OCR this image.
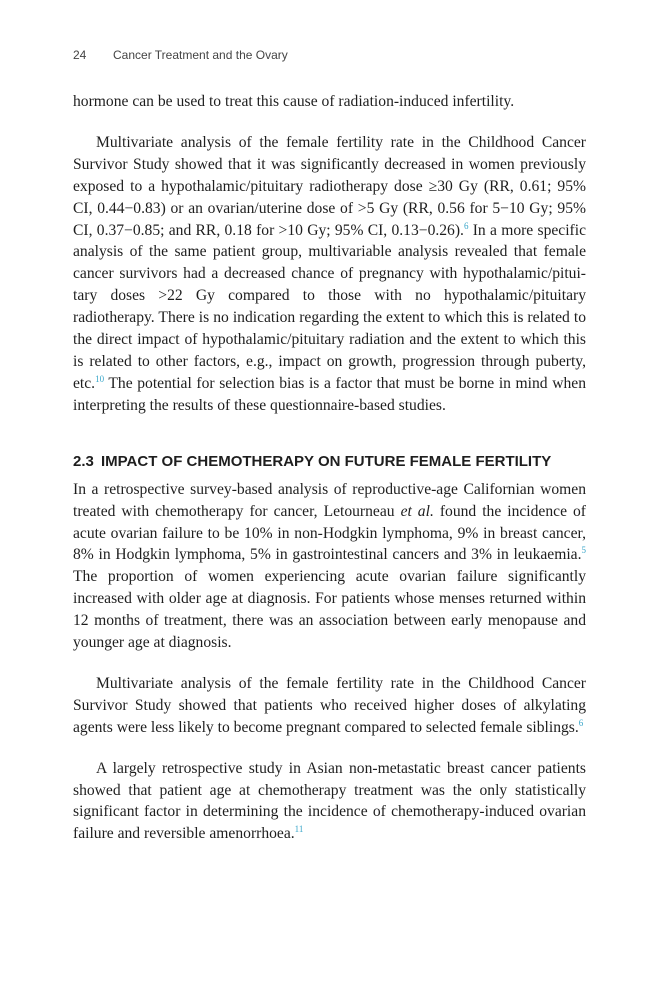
24 Cancer Treatment and the Ovary

hormone can be used to treat this cause of radiation-induced infertility.

Multivariate analysis of the female fertility rate in the Childhood Cancer Survivor Study showed that it was significantly decreased in women previously exposed to a hypothalamic/pituitary radiotherapy dose ≥30 Gy (RR, 0.61; 95% CI, 0.44−0.83) or an ovarian/uterine dose of >5 Gy (RR, 0.56 for 5−10 Gy; 95% CI, 0.37−0.85; and RR, 0.18 for >10 Gy; 95% CI, 0.13−0.26).$^6$ In a more specific analysis of the same patient group, multivariable analysis revealed that female cancer survivors had a decreased chance of pregnancy with hypothalamic/pituitary doses >22 Gy compared to those with no hypothalamic/pituitary radiotherapy. There is no indication regarding the extent to which this is related to the direct impact of hypothalamic/pituitary radiation and the extent to which this is related to other factors, e.g., impact on growth, progression through puberty, etc.$^{10}$ The potential for selection bias is a factor that must be borne in mind when interpreting the results of these questionnaire-based studies.

2.3 IMPACT OF CHEMOTHERAPY ON FUTURE FEMALE FERTILITY

In a retrospective survey-based analysis of reproductive-age Californian women treated with chemotherapy for cancer, Letourneau et al. found the incidence of acute ovarian failure to be 10% in non-Hodgkin lymphoma, 9% in breast cancer, 8% in Hodgkin lymphoma, 5% in gastrointestinal cancers and 3% in leukaemia.$^5$ The proportion of women experiencing acute ovarian failure significantly increased with older age at diagnosis. For patients whose menses returned within 12 months of treatment, there was an association between early menopause and younger age at diagnosis.

Multivariate analysis of the female fertility rate in the Childhood Cancer Survivor Study showed that patients who received higher doses of alkylating agents were less likely to become pregnant compared to selected female siblings.$^6$

A largely retrospective study in Asian non-metastatic breast cancer patients showed that patient age at chemotherapy treatment was the only statistically significant factor in determining the incidence of chemotherapy-induced ovarian failure and reversible amenorrhoea.$^{11}$
